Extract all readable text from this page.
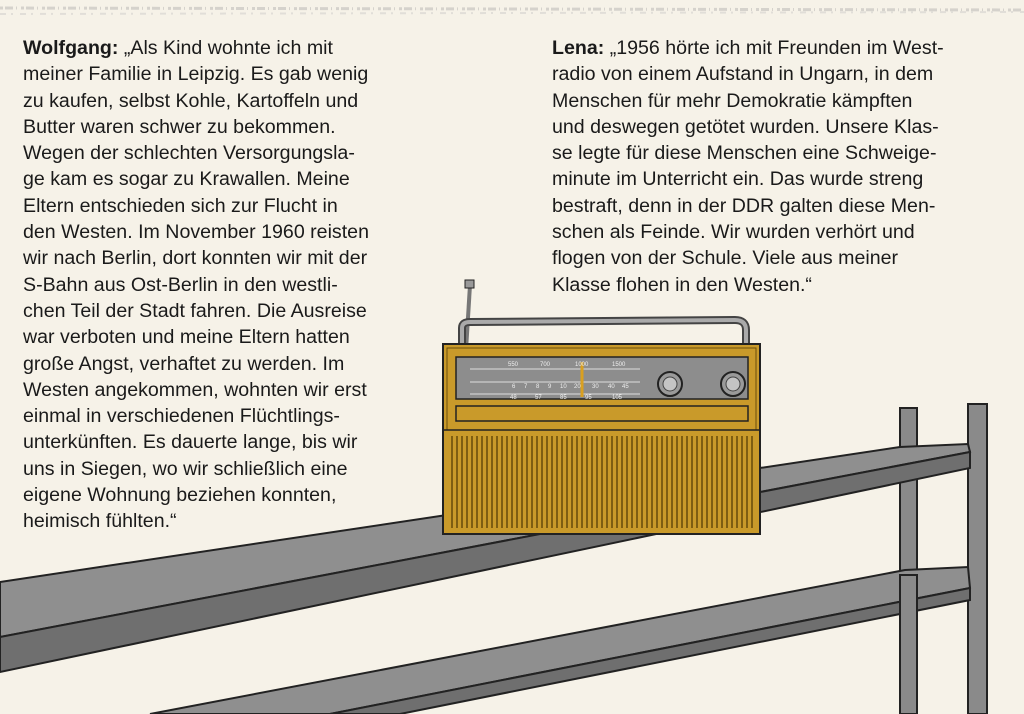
550	700	1000	1500
6 7 8 9 10 20 30 40 45
48	57	85	95	105
Wolfgang: „Als Kind wohnte ich mit
meiner Familie in Leipzig. Es gab wenig
zu kaufen, selbst Kohle, Kartoffeln und
Butter waren schwer zu bekommen.
Wegen der schlechten Versorgungsla-
ge kam es sogar zu Krawallen. Meine
Eltern entschieden sich zur Flucht in
den Westen. Im November 1960 reisten
wir nach Berlin, dort konnten wir mit der
S-Bahn aus Ost-Berlin in den westli-
chen Teil der Stadt fahren. Die Ausreise
war verboten und meine Eltern hatten
große Angst, verhaftet zu werden. Im
Westen angekommen, wohnten wir erst
einmal in verschiedenen Flüchtlings-
unterkünften. Es dauerte lange, bis wir
uns in Siegen, wo wir schließlich eine
eigene Wohnung beziehen konnten,
heimisch fühlten.“
Lena: „1956 hörte ich mit Freunden im West-
radio von einem Aufstand in Ungarn, in dem
Menschen für mehr Demokratie kämpften
und deswegen getötet wurden. Unsere Klas-
se legte für diese Menschen eine Schweige-
minute im Unterricht ein. Das wurde streng
bestraft, denn in der DDR galten diese Men-
schen als Feinde. Wir wurden verhört und
flogen von der Schule. Viele aus meiner
Klasse flohen in den Westen.“
